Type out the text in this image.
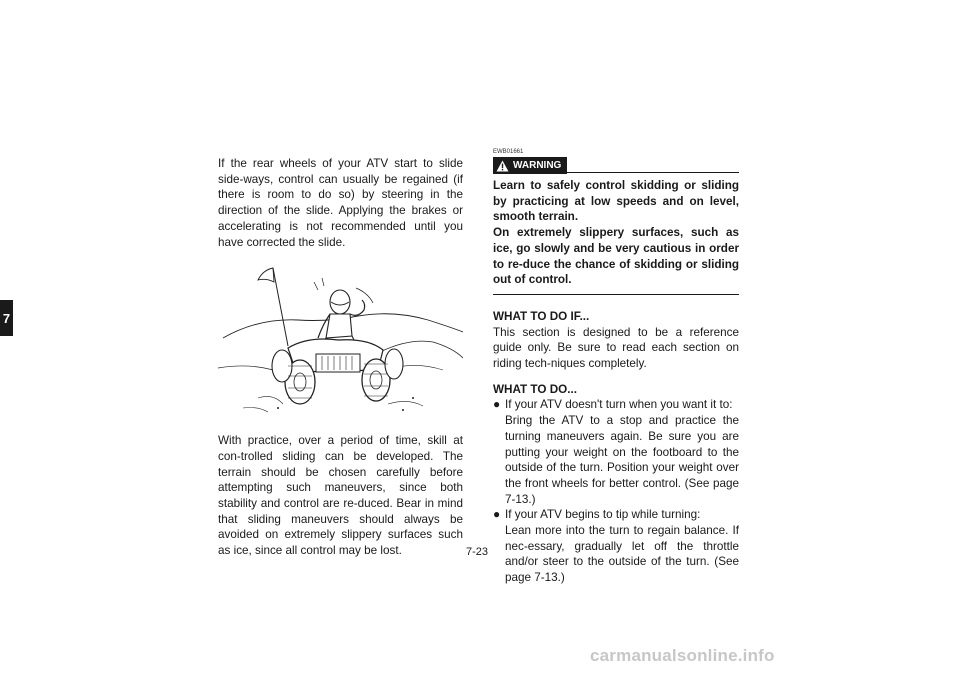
7

If the rear wheels of your ATV start to slide side-ways, control can usually be regained (if there is room to do so) by steering in the direction of the slide. Applying the brakes or accelerating is not recommended until you have corrected the slide.

With practice, over a period of time, skill at con-trolled sliding can be developed. The terrain should be chosen carefully before attempting such maneuvers, since both stability and control are re-duced. Bear in mind that sliding maneuvers should always be avoided on extremely slippery surfaces such as ice, since all control may be lost.

EWB01661
WARNING

Learn to safely control skidding or sliding by practicing at low speeds and on level, smooth terrain.

On extremely slippery surfaces, such as ice, go slowly and be very cautious in order to re-duce the chance of skidding or sliding out of control.

WHAT TO DO IF...

This section is designed to be a reference guide only. Be sure to read each section on riding tech-niques completely.

WHAT TO DO...
● If your ATV doesn't turn when you want it to:

Bring the ATV to a stop and practice the turning maneuvers again. Be sure you are putting your weight on the footboard to the outside of the turn. Position your weight over the front wheels for better control. (See page 7-13.)

● If your ATV begins to tip while turning:

Lean more into the turn to regain balance. If nec-essary, gradually let off the throttle and/or steer to the outside of the turn. (See page 7-13.)

7-23
carmanualsonline.info
